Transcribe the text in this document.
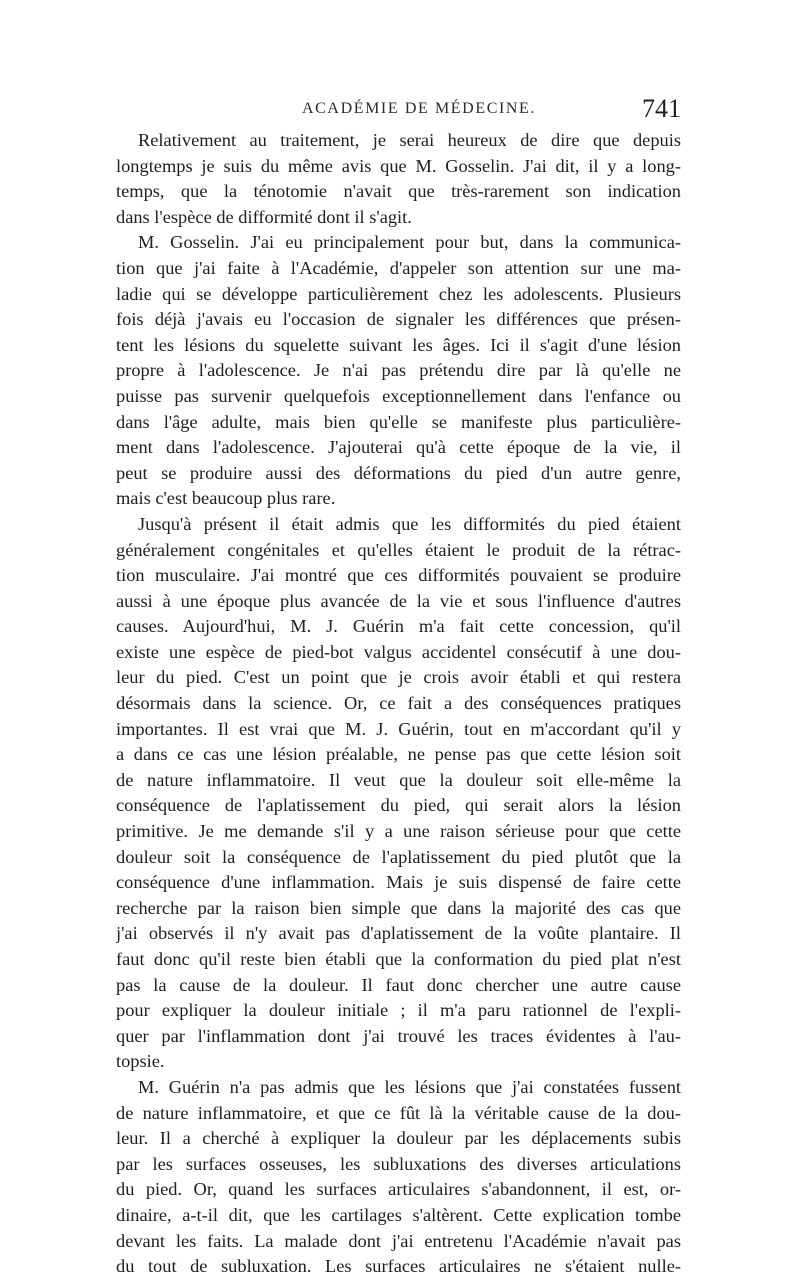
ACADÉMIE DE MÉDECINE.	741
Relativement au traitement, je serai heureux de dire que depuis
longtemps je suis du même avis que M. Gosselin. J'ai dit, il y a long-
temps, que la ténotomie n'avait que très-rarement son indication
dans l'espèce de difformité dont il s'agit.
M. Gosselin. J'ai eu principalement pour but, dans la communica-
tion que j'ai faite à l'Académie, d'appeler son attention sur une ma-
ladie qui se développe particulièrement chez les adolescents. Plusieurs
fois déjà j'avais eu l'occasion de signaler les différences que présen-
tent les lésions du squelette suivant les âges. Ici il s'agit d'une lésion
propre à l'adolescence. Je n'ai pas prétendu dire par là qu'elle ne
puisse pas survenir quelquefois exceptionnellement dans l'enfance ou
dans l'âge adulte, mais bien qu'elle se manifeste plus particulière-
ment dans l'adolescence. J'ajouterai qu'à cette époque de la vie, il
peut se produire aussi des déformations du pied d'un autre genre,
mais c'est beaucoup plus rare.
Jusqu'à présent il était admis que les difformités du pied étaient
généralement congénitales et qu'elles étaient le produit de la rétrac-
tion musculaire. J'ai montré que ces difformités pouvaient se produire
aussi à une époque plus avancée de la vie et sous l'influence d'autres
causes. Aujourd'hui, M. J. Guérin m'a fait cette concession, qu'il
existe une espèce de pied-bot valgus accidentel consécutif à une dou-
leur du pied. C'est un point que je crois avoir établi et qui restera
désormais dans la science. Or, ce fait a des conséquences pratiques
importantes. Il est vrai que M. J. Guérin, tout en m'accordant qu'il y
a dans ce cas une lésion préalable, ne pense pas que cette lésion soit
de nature inflammatoire. Il veut que la douleur soit elle-même la
conséquence de l'aplatissement du pied, qui serait alors la lésion
primitive. Je me demande s'il y a une raison sérieuse pour que cette
douleur soit la conséquence de l'aplatissement du pied plutôt que la
conséquence d'une inflammation. Mais je suis dispensé de faire cette
recherche par la raison bien simple que dans la majorité des cas que
j'ai observés il n'y avait pas d'aplatissement de la voûte plantaire. Il
faut donc qu'il reste bien établi que la conformation du pied plat n'est
pas la cause de la douleur. Il faut donc chercher une autre cause
pour expliquer la douleur initiale ; il m'a paru rationnel de l'expli-
quer par l'inflammation dont j'ai trouvé les traces évidentes à l'au-
topsie.
M. Guérin n'a pas admis que les lésions que j'ai constatées fussent
de nature inflammatoire, et que ce fût là la véritable cause de la dou-
leur. Il a cherché à expliquer la douleur par les déplacements subis
par les surfaces osseuses, les subluxations des diverses articulations
du pied. Or, quand les surfaces articulaires s'abandonnent, il est, or-
dinaire, a-t-il dit, que les cartilages s'altèrent. Cette explication tombe
devant les faits. La malade dont j'ai entretenu l'Académie n'avait pas
du tout de subluxation. Les surfaces articulaires ne s'étaient nulle-
